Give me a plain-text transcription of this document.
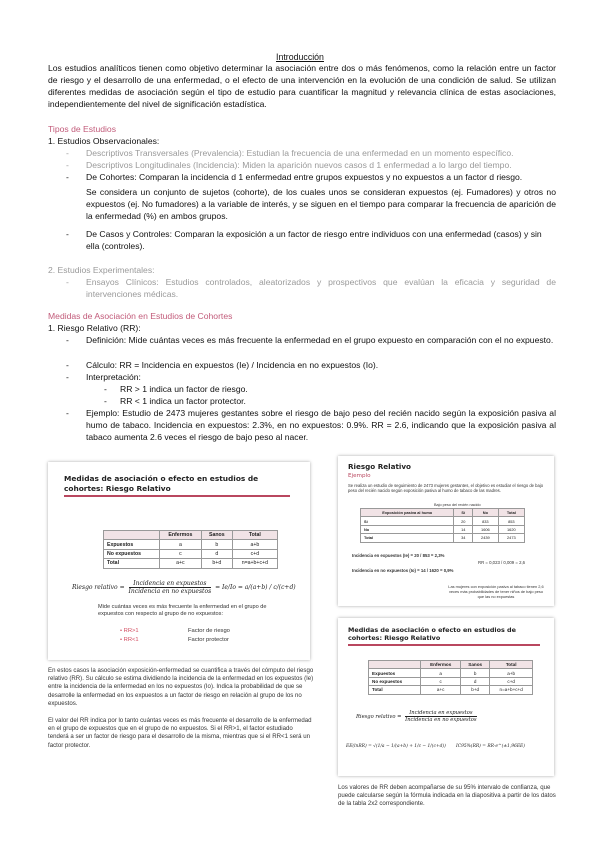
Introducción
Los estudios analíticos tienen como objetivo determinar la asociación entre dos o más fenómenos, como la relación entre un factor de riesgo y el desarrollo de una enfermedad, o el efecto de una intervención en la evolución de una condición de salud. Se utilizan diferentes medidas de asociación según el tipo de estudio para cuantificar la magnitud y relevancia clínica de estas asociaciones, independientemente del nivel de significación estadística.
Tipos de Estudios
1. Estudios Observacionales:
- Descriptivos Transversales (Prevalencia): Estudian la frecuencia de una enfermedad en un momento específico.
- Descriptivos Longitudinales (Incidencia): Miden la aparición nuevos casos d 1 enfermedad a lo largo del tiempo.
- De Cohortes: Comparan la incidencia d 1 enfermedad entre grupos expuestos y no expuestos a un factor d riesgo.
Se considera un conjunto de sujetos (cohorte), de los cuales unos se consideran expuestos (ej. Fumadores) y otros no expuestos (ej. No fumadores) a la variable de interés, y se siguen en el tiempo para comparar la frecuencia de aparición de la enfermedad (%) en ambos grupos.
- De Casos y Controles: Comparan la exposición a un factor de riesgo entre individuos con una enfermedad (casos) y sin ella (controles).
2. Estudios Experimentales:
- Ensayos Clínicos: Estudios controlados, aleatorizados y prospectivos que evalúan la eficacia y seguridad de intervenciones médicas.
Medidas de Asociación en Estudios de Cohortes
1. Riesgo Relativo (RR):
- Definición: Mide cuántas veces es más frecuente la enfermedad en el grupo expuesto en comparación con el no expuesto.
- Cálculo: RR = Incidencia en expuestos (Ie) / Incidencia en no expuestos (Io).
- Interpretación:
- RR > 1 indica un factor de riesgo.
- RR < 1 indica un factor protector.
- Ejemplo: Estudio de 2473 mujeres gestantes sobre el riesgo de bajo peso del recién nacido según la exposición pasiva al humo de tabaco. Incidencia en expuestos: 2.3%, en no expuestos: 0.9%. RR = 2.6, indicando que la exposición pasiva al tabaco aumenta 2.6 veces el riesgo de bajo peso al nacer.
Medidas de asociación o efecto en estudios de cohortes: Riesgo Relativo
	Enfermos	Sanos	Total
Expuestos	a	b	a+b
No expuestos	c	d	c+d
Total	a+c	b+d	n=a+b+c+d
Riesgo relativo = $\frac{\text{Incidencia en expuestos}}{\text{Incidencia en no expuestos}} = Ie/Io = a/(a+b) / c/(c+d)$
Mide cuántas veces es más frecuente la enfermedad en el grupo de expuestos con respecto al grupo de no expuestos:
• RR>1	Factor de riesgo
• RR<1	Factor protector
En estos casos la asociación exposición-enfermedad se cuantifica a través del cómputo del riesgo relativo (RR). Su cálculo se estima dividiendo la incidencia de la enfermedad en los expuestos (Ie) entre la incidencia de la enfermedad en los no expuestos (Io). Indica la probabilidad de que se desarrolle la enfermedad en los expuestos a un factor de riesgo en relación al grupo de los no expuestos.
El valor del RR indica por lo tanto cuántas veces es más frecuente el desarrollo de la enfermedad en el grupo de expuestos que en el grupo de no expuestos. Si el RR>1, el factor estudiado tenderá a ser un factor de riesgo para el desarrollo de la misma, mientras que si el RR<1 será un factor protector.
Riesgo Relativo
Ejemplo
Se realiza un estudio de seguimiento de 2473 mujeres gestantes, el objetivo es estudiar el riesgo de bajo peso del recién nacido según exposición pasiva al humo de tabaco de las madres.
Bajo peso del recién nacido
Exposición pasiva al humo	Sí	No	Total
Sí	20	833	853
No	14	1606	1620
Total	34	2439	2473
Incidencia en expuestos (Ie) = 20 / 853 = 2,3%
Incidencia en no expuestos (Io) = 14 / 1620 = 0,9%
RR = 0,023 / 0,009 = 2,6
Las mujeres con exposición pasiva al tabaco tienen 2,6 veces más probabilidades de tener niños de bajo peso que las no expuestas
Medidas de asociación o efecto en estudios de cohortes: Riesgo Relativo
	Enfermos	Sanos	Total
Expuestos	a	b	a+b
No expuestos	c	d	c+d
Total	a+c	b+d	n=a+b+c+d
Riesgo relativo = $\frac{\text{Incidencia en expuestos}}{\text{Incidencia en no expuestos}}$
EE(lnRR) = √(1/a − 1/(a+b) + 1/c − 1/(c+d)) IC95%(RR) = RR·e^(±1,96EE)
Los valores de RR deben acompañarse de su 95% intervalo de confianza, que puede calcularse según la fórmula indicada en la diapositiva a partir de los datos de la tabla 2x2 correspondiente.
